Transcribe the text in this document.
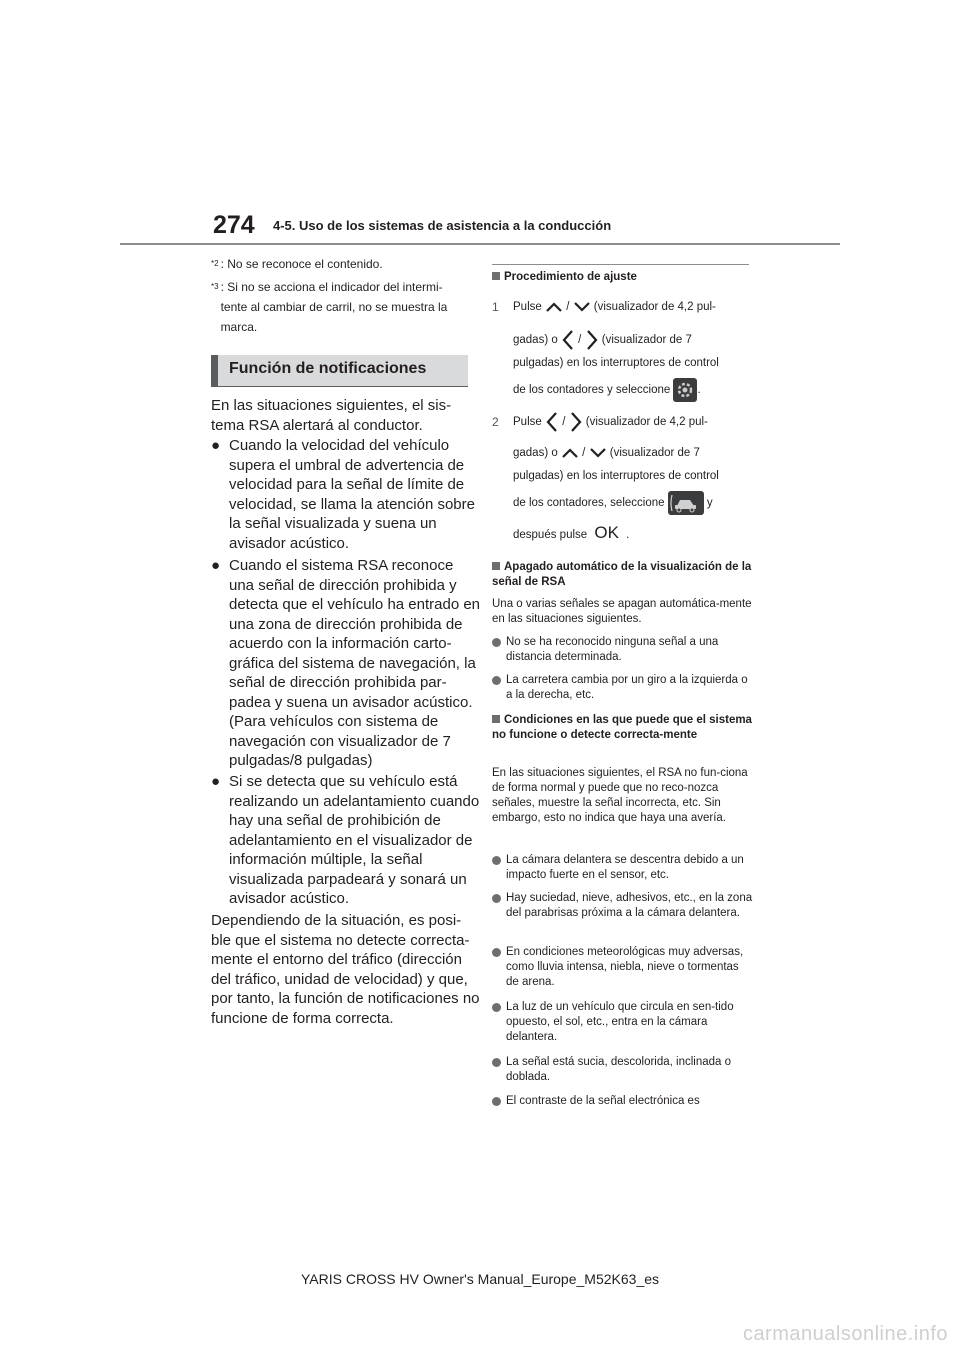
274 4-5. Uso de los sistemas de asistencia a la conducción
$^{*2}$ : No se reconoce el contenido.
$^{*3}$ : Si no se acciona el indicador del intermi-tente al cambiar de carril, no se muestra la marca.
Función de notificaciones
En las situaciones siguientes, el sis-tema RSA alertará al conductor.
● Cuando la velocidad del vehículo supera el umbral de advertencia de velocidad para la señal de límite de velocidad, se llama la atención sobre la señal visualizada y suena un avisador acústico.
● Cuando el sistema RSA reconoce una señal de dirección prohibida y detecta que el vehículo ha entrado en una zona de dirección prohibida de acuerdo con la información carto-gráfica del sistema de navegación, la señal de dirección prohibida par-padea y suena un avisador acústico. (Para vehículos con sistema de navegación con visualizador de 7 pulgadas/8 pulgadas)
● Si se detecta que su vehículo está realizando un adelantamiento cuando hay una señal de prohibición de adelantamiento en el visualizador de información múltiple, la señal visualizada parpadeará y sonará un avisador acústico.
Dependiendo de la situación, es posi-ble que el sistema no detecte correcta-mente el entorno del tráfico (dirección del tráfico, unidad de velocidad) y que, por tanto, la función de notificaciones no funcione de forma correcta.
Procedimiento de ajuste
1 Pulse / (visualizador de 4,2 pul-
gadas) o / (visualizador de 7
pulgadas) en los interruptores de control
de los contadores y seleccione .
2 Pulse / (visualizador de 4,2 pul-
gadas) o / (visualizador de 7
pulgadas) en los interruptores de control
de los contadores, seleccione	y
después pulse OK .
Apagado automático de la visualización de la señal de RSA
Una o varias señales se apagan automática-mente en las situaciones siguientes.
No se ha reconocido ninguna señal a una distancia determinada.
La carretera cambia por un giro a la izquierda o a la derecha, etc.
Condiciones en las que puede que el sistema no funcione o detecte correcta-mente
En las situaciones siguientes, el RSA no fun-ciona de forma normal y puede que no reco-nozca señales, muestre la señal incorrecta, etc. Sin embargo, esto no indica que haya una avería.
La cámara delantera se descentra debido a un impacto fuerte en el sensor, etc.
Hay suciedad, nieve, adhesivos, etc., en la zona del parabrisas próxima a la cámara delantera.
En condiciones meteorológicas muy adversas, como lluvia intensa, niebla, nieve o tormentas de arena.
La luz de un vehículo que circula en sen-tido opuesto, el sol, etc., entra en la cámara delantera.
La señal está sucia, descolorida, inclinada o doblada.
El contraste de la señal electrónica es
YARIS CROSS HV Owner's Manual_Europe_M52K63_es
carmanualsonline.info
